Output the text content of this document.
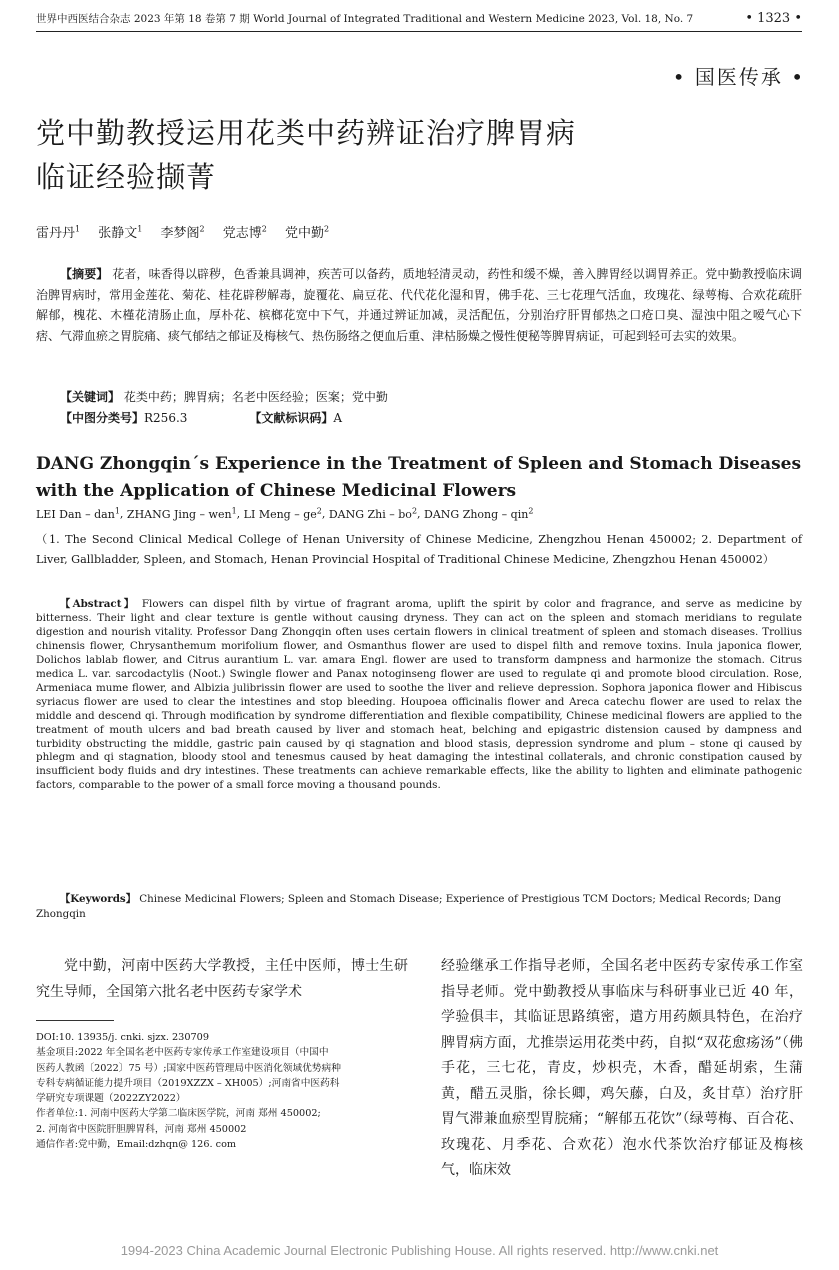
世界中西医结合杂志 2023 年第 18 卷第 7 期 World Journal of Integrated Traditional and Western Medicine 2023, Vol. 18, No. 7	• 1323 •
• 国医传承 •
党中勤教授运用花类中药辨证治疗脾胃病
临证经验撷菁
雷丹丹$^1$ 张静文$^1$ 李梦阁$^2$ 党志博$^2$ 党中勤$^2$
【摘要】 花者，味香得以辟秽，色香兼具调神，疾苦可以备药，质地轻清灵动，药性和缓不燥，善入脾胃经以调胃养正。党中勤教授临床调治脾胃病时，常用金莲花、菊花、桂花辟秽解毒，旋覆花、扁豆花、代代花化湿和胃，佛手花、三七花理气活血，玫瑰花、绿萼梅、合欢花疏肝解郁，槐花、木槿花清肠止血，厚朴花、槟榔花宽中下气，并通过辨证加减，灵活配伍，分别治疗肝胃郁热之口疮口臭、湿浊中阻之嗳气心下痞、气滞血瘀之胃脘痛、痰气郁结之郁证及梅核气、热伤肠络之便血后重、津枯肠燥之慢性便秘等脾胃病证，可起到轻可去实的效果。
【关键词】 花类中药；脾胃病；名老中医经验；医案；党中勤
【中图分类号】R256.3	【文献标识码】A
DANG Zhongqin´s Experience in the Treatment of Spleen and Stomach Diseases with the Application of Chinese Medicinal Flowers
LEI Dan – dan$^1$, ZHANG Jing – wen$^1$, LI Meng – $ge^2$, DANG Zhi – $bo^2$, DANG Zhong – qin$^2$
（1. The Second Clinical Medical College of Henan University of Chinese Medicine, Zhengzhou Henan 450002; 2. Department of Liver, Gallbladder, Spleen, and Stomach, Henan Provincial Hospital of Traditional Chinese Medicine, Zhengzhou Henan 450002）
【Abstract】 Flowers can dispel filth by virtue of fragrant aroma, uplift the spirit by color and fragrance, and serve as medicine by bitterness. Their light and clear texture is gentle without causing dryness. They can act on the spleen and stomach meridians to regulate digestion and nourish vitality. Professor Dang Zhongqin often uses certain flowers in clinical treatment of spleen and stomach diseases. Trollius chinensis flower, Chrysanthemum morifolium flower, and Osmanthus flower are used to dispel filth and remove toxins. Inula japonica flower, Dolichos lablab flower, and Citrus aurantium L. var. amara Engl. flower are used to transform dampness and harmonize the stomach. Citrus medica L. var. sarcodactylis (Noot.) Swingle flower and Panax notoginseng flower are used to regulate qi and promote blood circulation. Rose, Armeniaca mume flower, and Albizia julibrissin flower are used to soothe the liver and relieve depression. Sophora japonica flower and Hibiscus syriacus flower are used to clear the intestines and stop bleeding. Houpoea officinalis flower and Areca catechu flower are used to relax the middle and descend qi. Through modification by syndrome differentiation and flexible compatibility, Chinese medicinal flowers are applied to the treatment of mouth ulcers and bad breath caused by liver and stomach heat, belching and epigastric distension caused by dampness and turbidity obstructing the middle, gastric pain caused by qi stagnation and blood stasis, depression syndrome and plum – stone qi caused by phlegm and qi stagnation, bloody stool and tenesmus caused by heat damaging the intestinal collaterals, and chronic constipation caused by insufficient body fluids and dry intestines. These treatments can achieve remarkable effects, like the ability to lighten and eliminate pathogenic factors, comparable to the power of a small force moving a thousand pounds.
【Keywords】 Chinese Medicinal Flowers; Spleen and Stomach Disease; Experience of Prestigious TCM Doctors; Medical Records; Dang Zhongqin
党中勤，河南中医药大学教授，主任中医师，博士生研究生导师，全国第六批名老中医药专家学术
经验继承工作指导老师，全国名老中医药专家传承工作室指导老师。党中勤教授从事临床与科研事业已近 40 年，学验俱丰，其临证思路缜密，遣方用药颇具特色，在治疗脾胃病方面，尤推崇运用花类中药，自拟“双花愈疡汤”（佛手花，三七花，青皮，炒枳壳，木香，醋延胡索，生蒲黄，醋五灵脂，徐长卿，鸡矢藤，白及，炙甘草）治疗肝胃气滞兼血瘀型胃脘痛；“解郁五花饮”（绿萼梅、百合花、玫瑰花、月季花、合欢花）泡水代茶饮治疗郁证及梅核气，临床效
DOI:10. 13935/j. cnki. sjzx. 230709
基金项目:2022 年全国名老中医药专家传承工作室建设项目（中国中
医药人教函〔2022〕75 号）;国家中医药管理局中医消化领域优势病种
专科专病循证能力提升项目（2019XZZX – XH005）;河南省中医药科
学研究专项课题（2022ZY2022）
作者单位:1. 河南中医药大学第二临床医学院，河南 郑州 450002;
2. 河南省中医院肝胆脾胃科，河南 郑州 450002
通信作者:党中勤，Email:dzhqn@ 126. com
1994-2023 China Academic Journal Electronic Publishing House. All rights reserved. http://www.cnki.net
